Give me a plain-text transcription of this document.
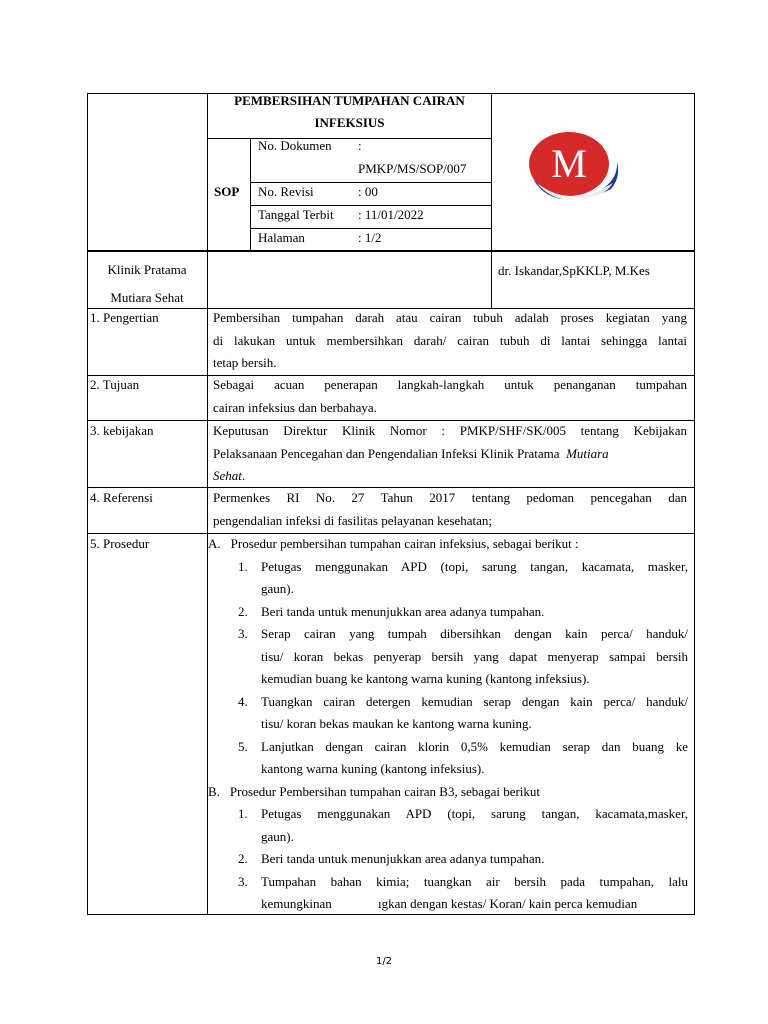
PEMBERSIHAN TUMPAHAN CAIRAN
INFEKSIUS
SOP
No. Dokumen :
PMKP/MS/SOP/007
No. Revisi	: 00
Tanggal Terbit : 11/01/2022
Halaman	: 1/2
M
Klinik Pratama
Mutiara Sehat
dr. Iskandar,SpKKLP, M.Kes
1. Pengertian	Pembersihan tumpahan darah atau cairan tubuh adalah proses kegiatan yang
di lakukan untuk membersihkan darah/ cairan tubuh di lantai sehingga lantai
tetap bersih.
2. Tujuan	Sebagai acuan penerapan langkah-langkah untuk penanganan tumpahan
cairan infeksius dan berbahaya.
3. kebijakan	Keputusan Direktur Klinik Nomor : PMKP/SHF/SK/005 tentang Kebijakan
Pelaksanaan Pencegahan dan Pengendalian Infeksi Klinik Pratama Mutiara
Sehat.
4. Referensi	Permenkes RI No. 27 Tahun 2017 tentang pedoman pencegahan dan
pengendalian infeksi di fasilitas pelayanan kesehatan;
5. Prosedur	A. Prosedur pembersihan tumpahan cairan infeksius, sebagai berikut :
1. Petugas menggunakan APD (topi, sarung tangan, kacamata, masker,
gaun).
2. Beri tanda untuk menunjukkan area adanya tumpahan.
3. Serap cairan yang tumpah dibersihkan dengan kain perca/ handuk/
tisu/ koran bekas penyerap bersih yang dapat menyerap sampai bersih
kemudian buang ke kantong warna kuning (kantong infeksius).
4. Tuangkan cairan detergen kemudian serap dengan kain perca/ handuk/
tisu/ koran bekas maukan ke kantong warna kuning.
5. Lanjutkan dengan cairan klorin 0,5% kemudian serap dan buang ke
kantong warna kuning (kantong infeksius).
B. Prosedur Pembersihan tumpahan cairan B3, sebagai berikut
1. Petugas menggunakan APD (topi, sarung tangan, kacamata,masker,
gaun).
2. Beri tanda untuk menunjukkan area adanya tumpahan.
3. Tumpahan bahan kimia; tuangkan air bersih pada tumpahan, lalu
kemungkinan	ıgkan dengan kestas/ Koran/ kain perca kemudian
1/2
